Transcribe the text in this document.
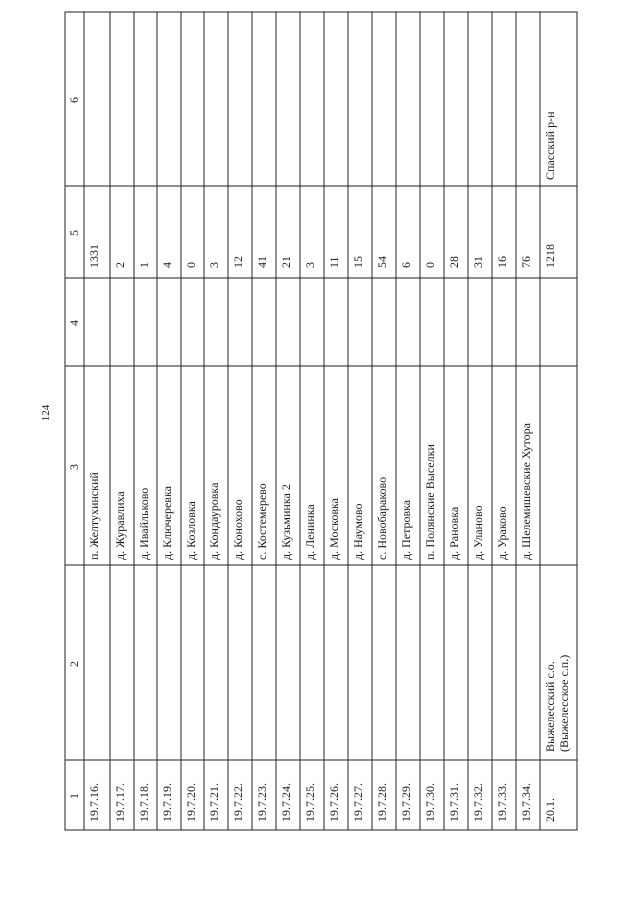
124
1
2
3
4
5
6
19.7.16.
п. Желтухинский
1331
19.7.17.
д. Журавлиха
2
19.7.18.
д. Ивайльково
1
19.7.19.
д. Ключеревка
4
19.7.20.
д. Козловка
0
19.7.21.
д. Кондауровка
3
19.7.22.
д. Конохово
12
19.7.23.
с. Костемерево
41
19.7.24.
д. Кузьминка 2
21
19.7.25.
д. Ленинка
3
19.7.26.
д. Московка
11
19.7.27.
д. Наумово
15
19.7.28.
с. Новобараково
54
19.7.29.
д. Петровка
6
19.7.30.
п. Полянские Выселки
0
19.7.31.
д. Рановка
28
19.7.32.
д. Уланово
31
19.7.33.
д. Ураково
16
19.7.34.
д. Шелемишевские Хутора
76
20.1.
Выжелесский с.о. (Выжелесское с.п.)
1218
Спасский р-н
